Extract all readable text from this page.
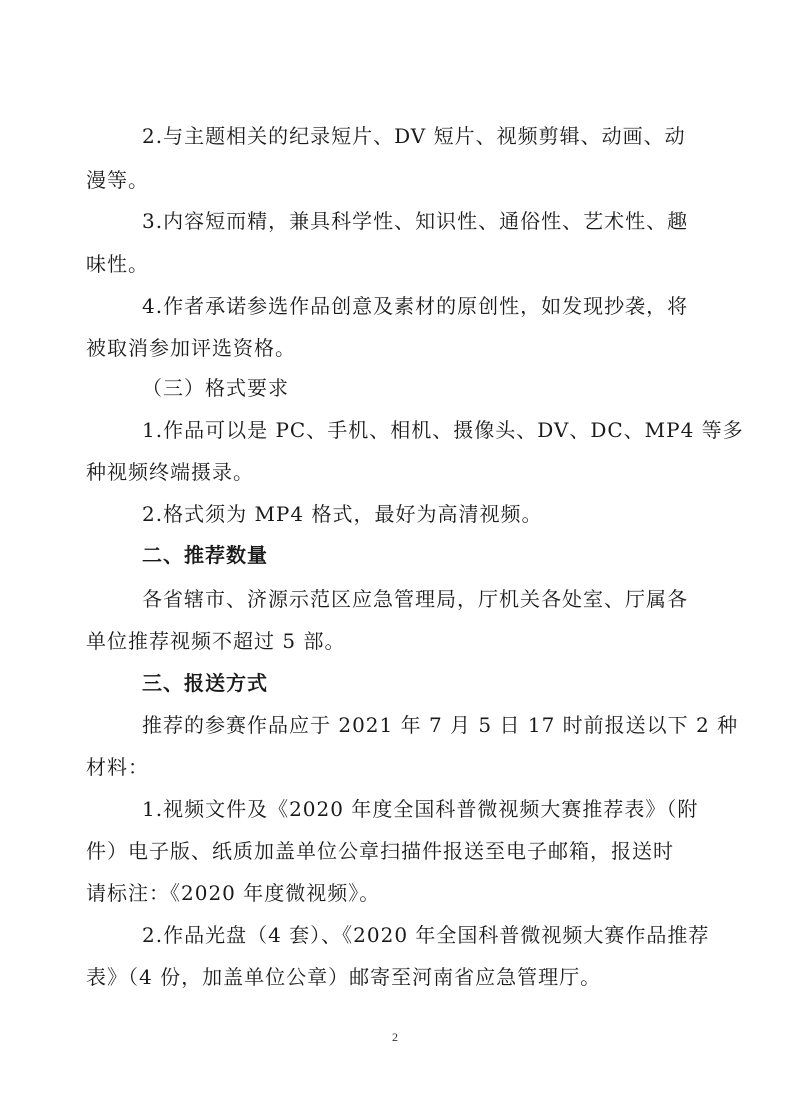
2.与主题相关的纪录短片、DV 短片、视频剪辑、动画、动
漫等。
3.内容短而精，兼具科学性、知识性、通俗性、艺术性、趣
味性。
4.作者承诺参选作品创意及素材的原创性，如发现抄袭，将
被取消参加评选资格。
（三）格式要求
1.作品可以是 PC、手机、相机、摄像头、DV、DC、MP4 等多
种视频终端摄录。
2.格式须为 MP4 格式，最好为高清视频。
二、推荐数量
各省辖市、济源示范区应急管理局，厅机关各处室、厅属各
单位推荐视频不超过 5 部。
三、报送方式
推荐的参赛作品应于 2021 年 7 月 5 日 17 时前报送以下 2 种
材料：
1.视频文件及《2020 年度全国科普微视频大赛推荐表》（附
件）电子版、纸质加盖单位公章扫描件报送至电子邮箱，报送时
请标注：《2020 年度微视频》。
2.作品光盘（4 套）、《2020 年全国科普微视频大赛作品推荐
表》（4 份，加盖单位公章）邮寄至河南省应急管理厅。
2
